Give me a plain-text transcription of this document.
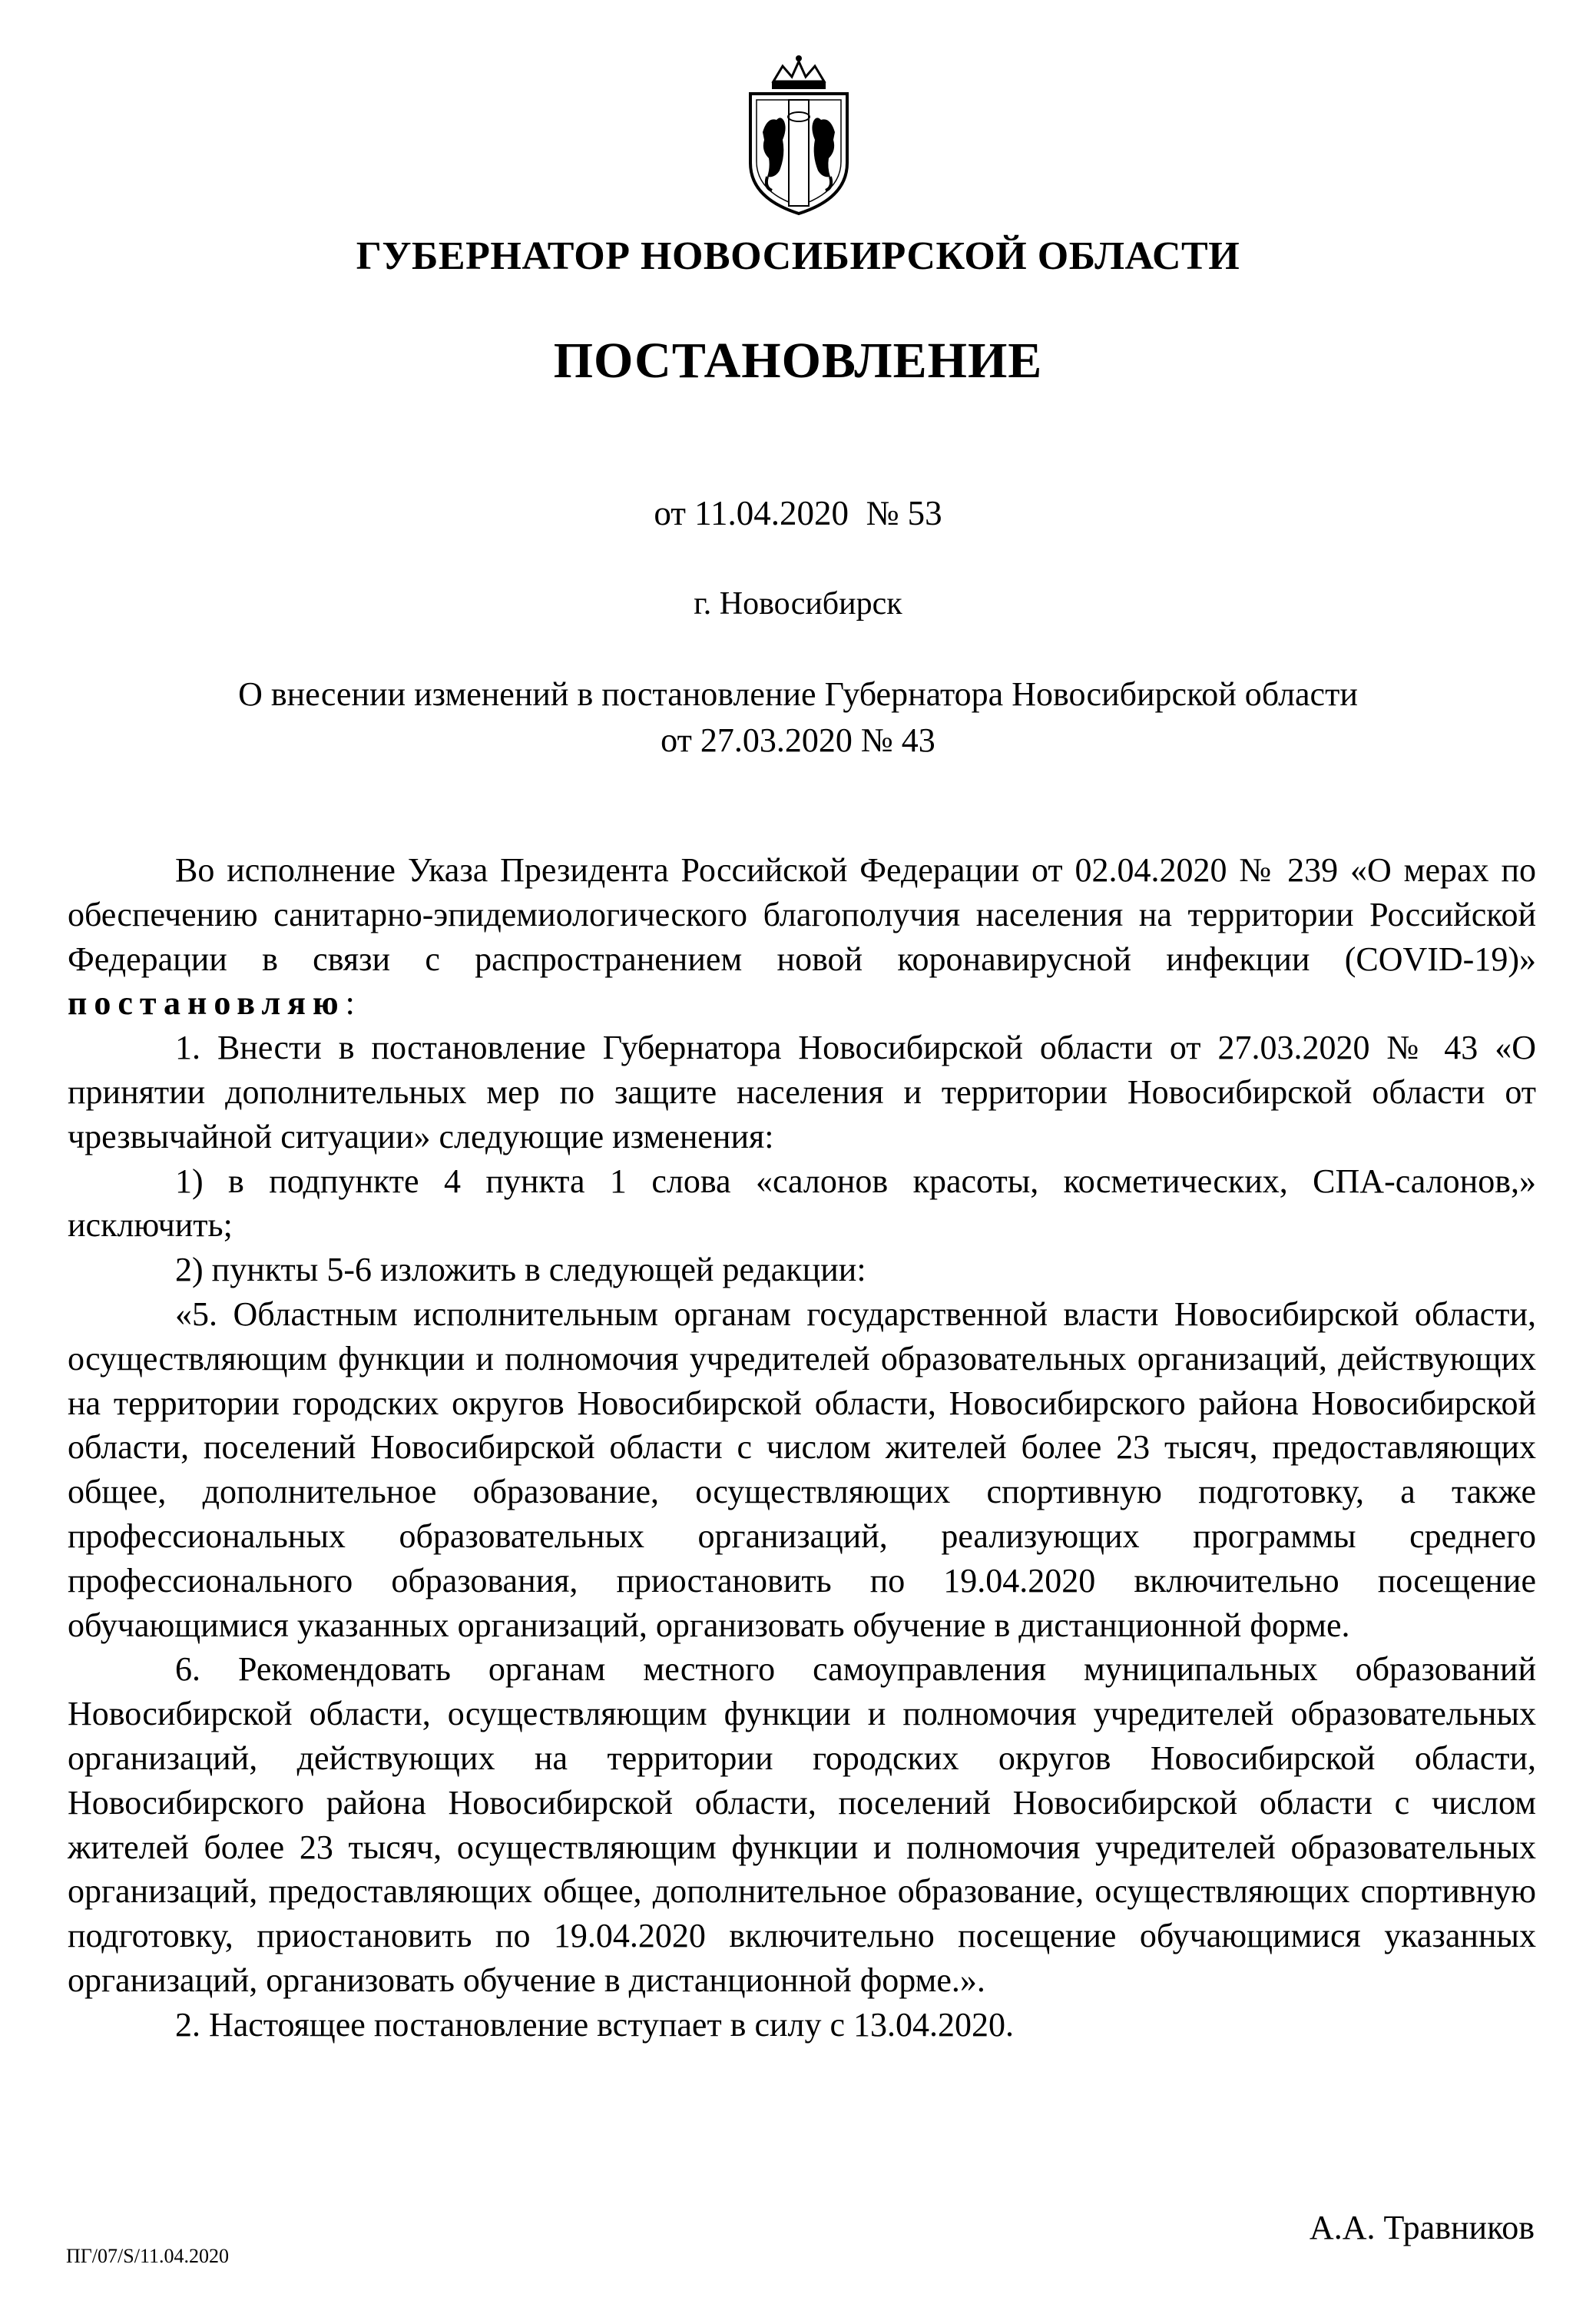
ГУБЕРНАТОР НОВОСИБИРСКОЙ ОБЛАСТИ
ПОСТАНОВЛЕНИЕ
от 11.04.2020  № 53
г. Новосибирск
О внесении изменений в постановление Губернатора Новосибирской области
от 27.03.2020 № 43

Во исполнение Указа Президента Российской Федерации от 02.04.2020 № 239 «О мерах по обеспечению санитарно-эпидемиологического благополучия населения на территории Российской Федерации в связи с распространением новой коронавирусной инфекции (COVID-19)» постановляю:

1. Внести в постановление Губернатора Новосибирской области от 27.03.2020 № 43 «О принятии дополнительных мер по защите населения и территории Новосибирской области от чрезвычайной ситуации» следующие изменения:

1) в подпункте 4 пункта 1 слова «салонов красоты, косметических, СПА-салонов,» исключить;

2) пункты 5-6 изложить в следующей редакции:

«5. Областным исполнительным органам государственной власти Новосибирской области, осуществляющим функции и полномочия учредителей образовательных организаций, действующих на территории городских округов Новосибирской области, Новосибирского района Новосибирской области, поселений Новосибирской области с числом жителей более 23 тысяч, предоставляющих общее, дополнительное образование, осуществляющих спортивную подготовку, а также профессиональных образовательных организаций, реализующих программы среднего профессионального образования, приостановить по 19.04.2020 включительно посещение обучающимися указанных организаций, организовать обучение в дистанционной форме.

6. Рекомендовать органам местного самоуправления муниципальных образований Новосибирской области, осуществляющим функции и полномочия учредителей образовательных организаций, действующих на территории городских округов Новосибирской области, Новосибирского района Новосибирской области, поселений Новосибирской области с числом жителей более 23 тысяч, осуществляющим функции и полномочия учредителей образовательных организаций, предоставляющих общее, дополнительное образование, осуществляющих спортивную подготовку, приостановить по 19.04.2020 включительно посещение обучающимися указанных организаций, организовать обучение в дистанционной форме.».

2. Настоящее постановление вступает в силу с 13.04.2020.

ПГ/07/S/11.04.2020
А.А. Травников
